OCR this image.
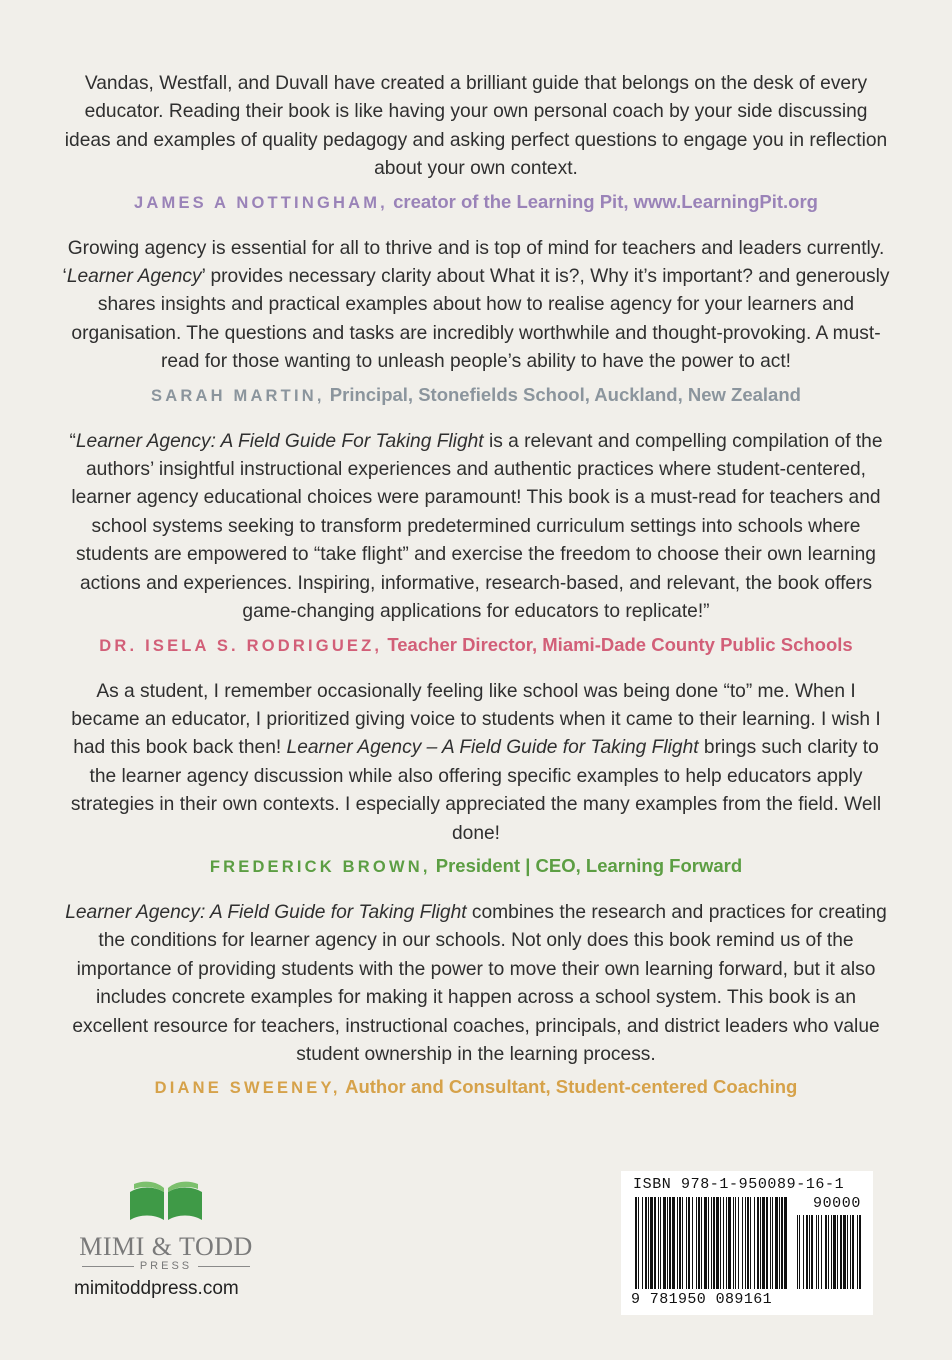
Vandas, Westfall, and Duvall have created a brilliant guide that belongs on the desk of every educator. Reading their book is like having your own personal coach by your side discussing ideas and examples of quality pedagogy and asking perfect questions to engage you in reflection about your own context.

JAMES A NOTTINGHAM, creator of the Learning Pit, www.LearningPit.org

Growing agency is essential for all to thrive and is top of mind for teachers and leaders currently. ‘Learner Agency’ provides necessary clarity about What it is?, Why it’s important? and generously shares insights and practical examples about how to realise agency for your learners and organisation. The questions and tasks are incredibly worthwhile and thought-provoking. A must-read for those wanting to unleash people’s ability to have the power to act!

SARAH MARTIN, Principal, Stonefields School, Auckland, New Zealand

“Learner Agency: A Field Guide For Taking Flight is a relevant and compelling compilation of the authors’ insightful instructional experiences and authentic practices where student-centered, learner agency educational choices were paramount! This book is a must-read for teachers and school systems seeking to transform predetermined curriculum settings into schools where students are empowered to “take flight” and exercise the freedom to choose their own learning actions and experiences. Inspiring, informative, research-based, and relevant, the book offers game-changing applications for educators to replicate!”

DR. ISELA S. RODRIGUEZ, Teacher Director, Miami-Dade County Public Schools

As a student, I remember occasionally feeling like school was being done “to” me. When I became an educator, I prioritized giving voice to students when it came to their learning. I wish I had this book back then! Learner Agency – A Field Guide for Taking Flight brings such clarity to the learner agency discussion while also offering specific examples to help educators apply strategies in their own contexts. I especially appreciated the many examples from the field. Well done!

FREDERICK BROWN, President | CEO, Learning Forward

Learner Agency: A Field Guide for Taking Flight combines the research and practices for creating the conditions for learner agency in our schools. Not only does this book remind us of the importance of providing students with the power to move their own learning forward, but it also includes concrete examples for making it happen across a school system. This book is an excellent resource for teachers, instructional coaches, principals, and district leaders who value student ownership in the learning process.

DIANE SWEENEY, Author and Consultant, Student-centered Coaching

MIMI & TODD
PRESS
mimitoddpress.com
ISBN 978-1-950089-16-1
90000
9 781950 089161
